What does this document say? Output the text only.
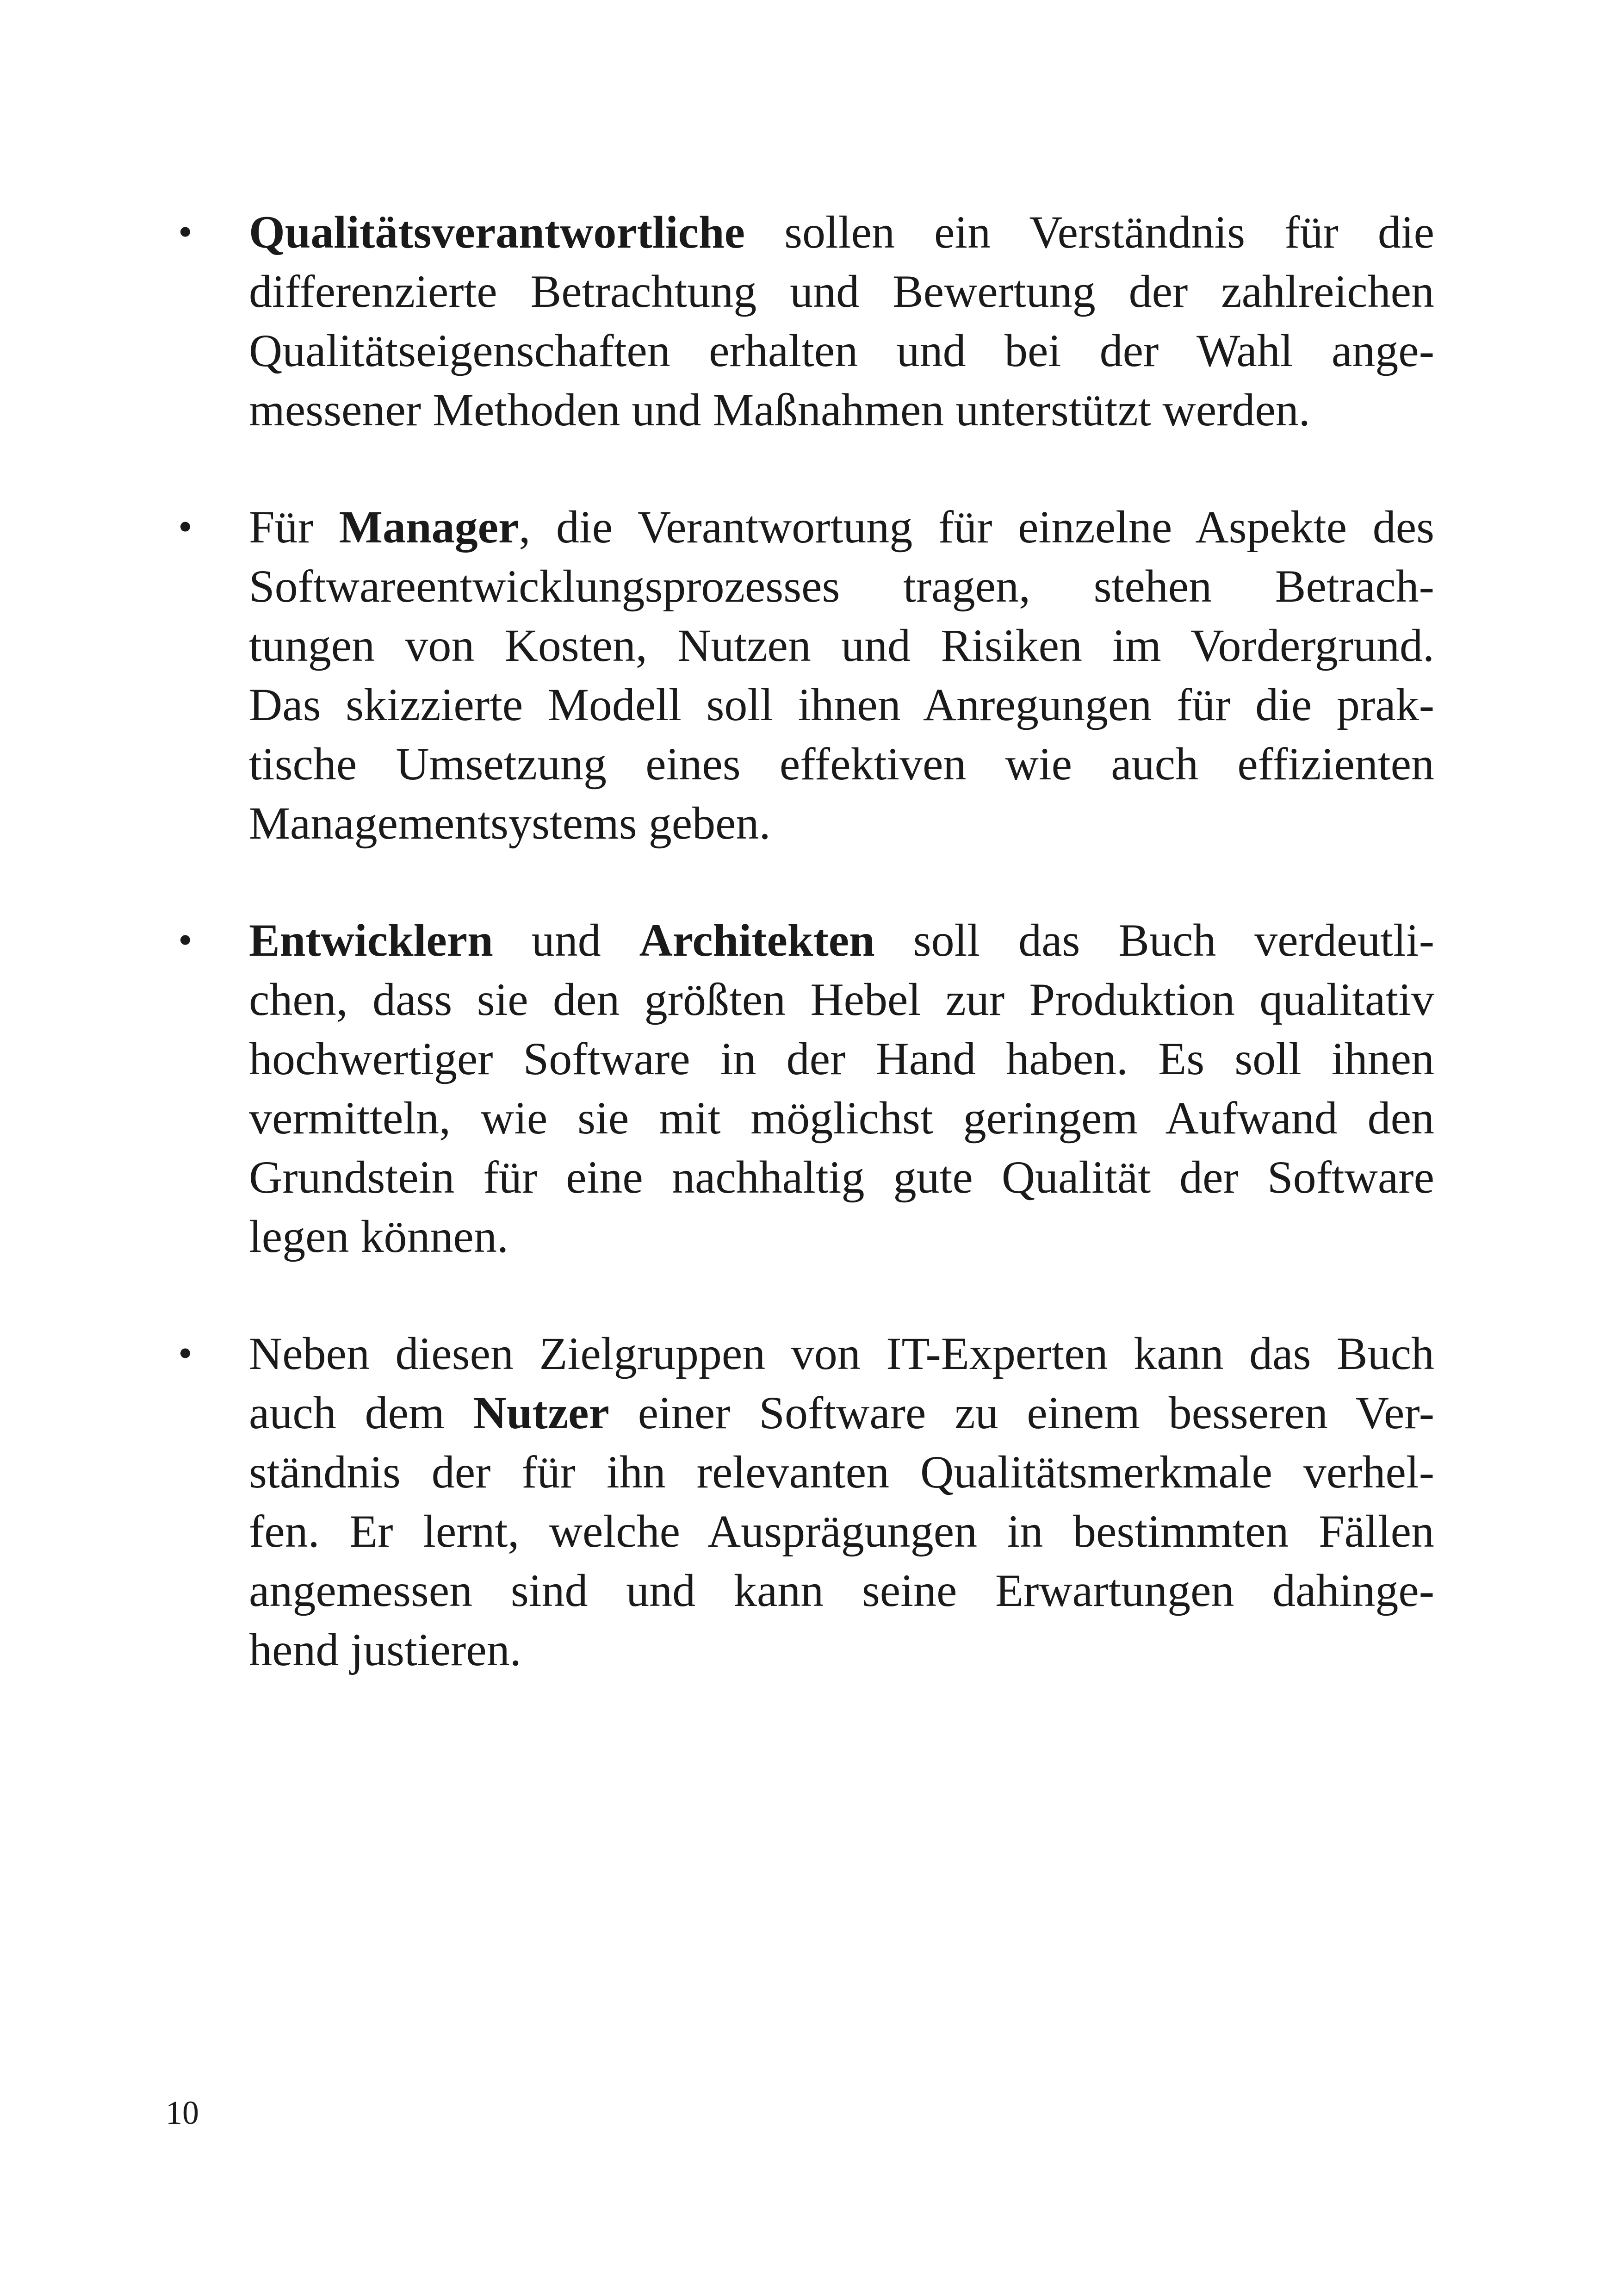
• Qualitätsverantwortliche sollen ein Verständnis für die
differenzierte Betrachtung und Bewertung der zahlreichen
Qualitätseigenschaften erhalten und bei der Wahl ange-
messener Methoden und Maßnahmen unterstützt werden.
• Für Manager, die Verantwortung für einzelne Aspekte des
Softwareentwicklungsprozesses tragen, stehen Betrach-
tungen von Kosten, Nutzen und Risiken im Vordergrund.
Das skizzierte Modell soll ihnen Anregungen für die prak-
tische Umsetzung eines effektiven wie auch effizienten
Managementsystems geben.
• Entwicklern und Architekten soll das Buch verdeutli-
chen, dass sie den größten Hebel zur Produktion qualitativ
hochwertiger Software in der Hand haben. Es soll ihnen
vermitteln, wie sie mit möglichst geringem Aufwand den
Grundstein für eine nachhaltig gute Qualität der Software
legen können.
• Neben diesen Zielgruppen von IT-Experten kann das Buch
auch dem Nutzer einer Software zu einem besseren Ver-
ständnis der für ihn relevanten Qualitätsmerkmale verhel-
fen. Er lernt, welche Ausprägungen in bestimmten Fällen
angemessen sind und kann seine Erwartungen dahinge-
hend justieren.
10
